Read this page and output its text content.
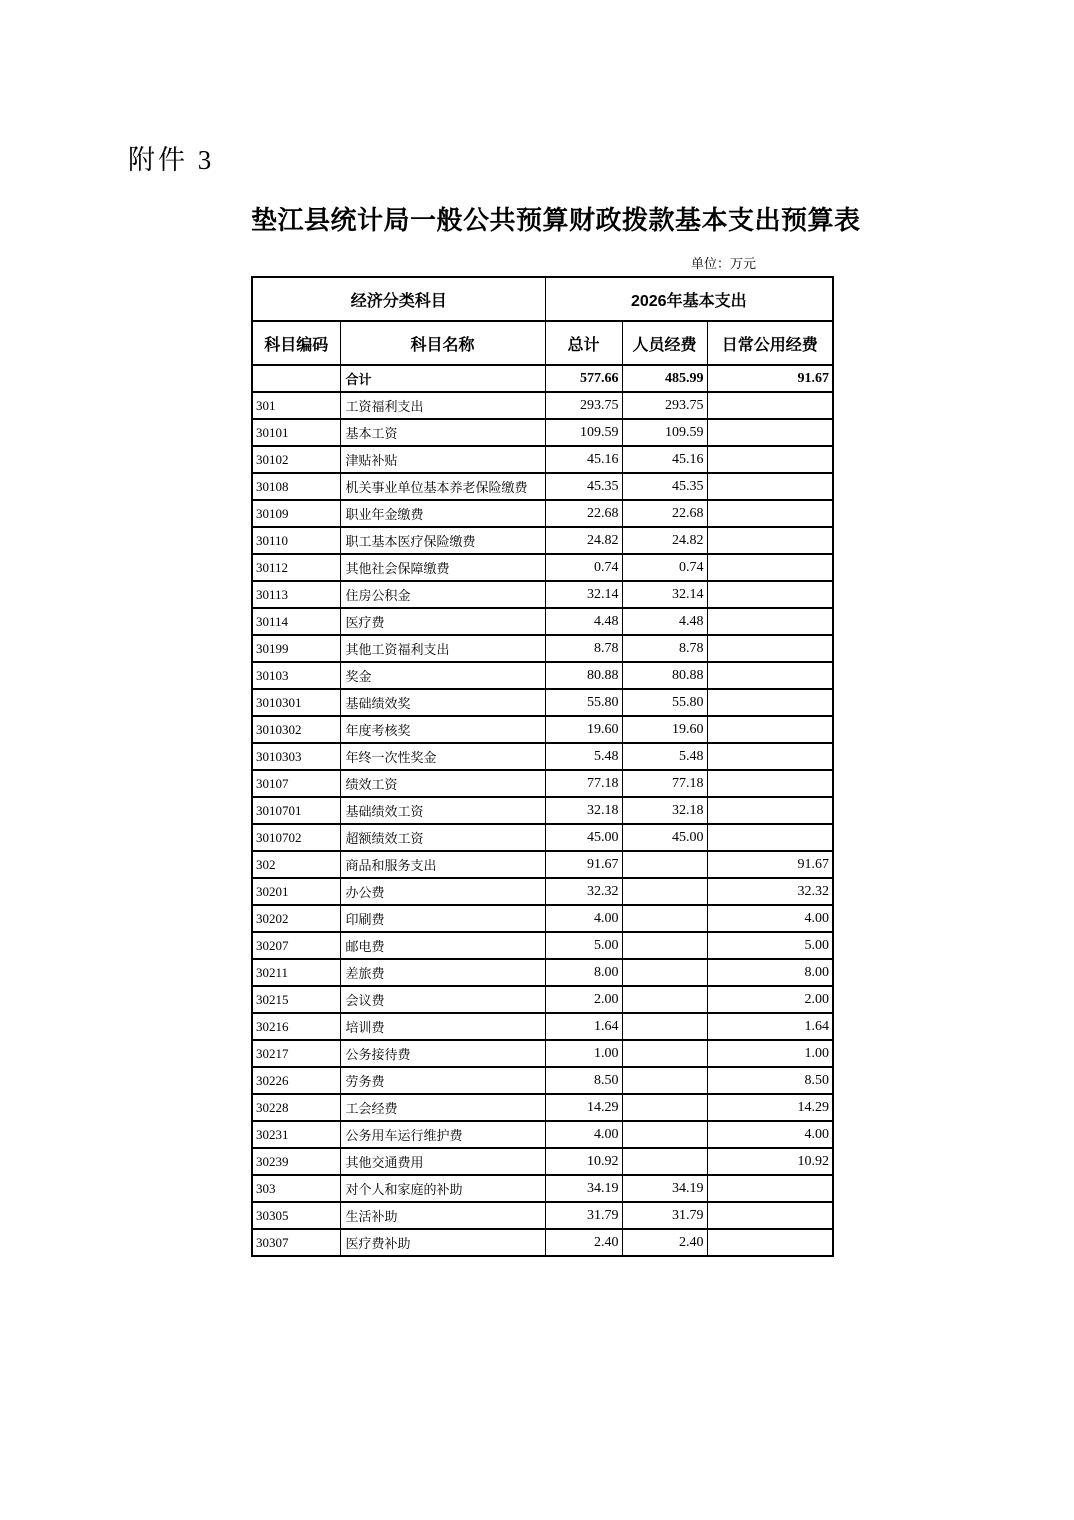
附件 3
垫江县统计局一般公共预算财政拨款基本支出预算表
单位：万元
经济分类科目		2026年基本支出		
科目编码	科目名称	总计	人员经费	日常公用经费
	合计	577.66	485.99	91.67
301	工资福利支出	293.75	293.75	
30101	基本工资	109.59	109.59	
30102	津贴补贴	45.16	45.16	
30108	机关事业单位基本养老保险缴费	45.35	45.35	
30109	职业年金缴费	22.68	22.68	
30110	职工基本医疗保险缴费	24.82	24.82	
30112	其他社会保障缴费	0.74	0.74	
30113	住房公积金	32.14	32.14	
30114	医疗费	4.48	4.48	
30199	其他工资福利支出	8.78	8.78	
30103	奖金	80.88	80.88	
3010301	基础绩效奖	55.80	55.80	
3010302	年度考核奖	19.60	19.60	
3010303	年终一次性奖金	5.48	5.48	
30107	绩效工资	77.18	77.18	
3010701	基础绩效工资	32.18	32.18	
3010702	超额绩效工资	45.00	45.00	
302	商品和服务支出	91.67		91.67
30201	办公费	32.32		32.32
30202	印刷费	4.00		4.00
30207	邮电费	5.00		5.00
30211	差旅费	8.00		8.00
30215	会议费	2.00		2.00
30216	培训费	1.64		1.64
30217	公务接待费	1.00		1.00
30226	劳务费	8.50		8.50
30228	工会经费	14.29		14.29
30231	公务用车运行维护费	4.00		4.00
30239	其他交通费用	10.92		10.92
303	对个人和家庭的补助	34.19	34.19	
30305	生活补助	31.79	31.79	
30307	医疗费补助	2.40	2.40	
